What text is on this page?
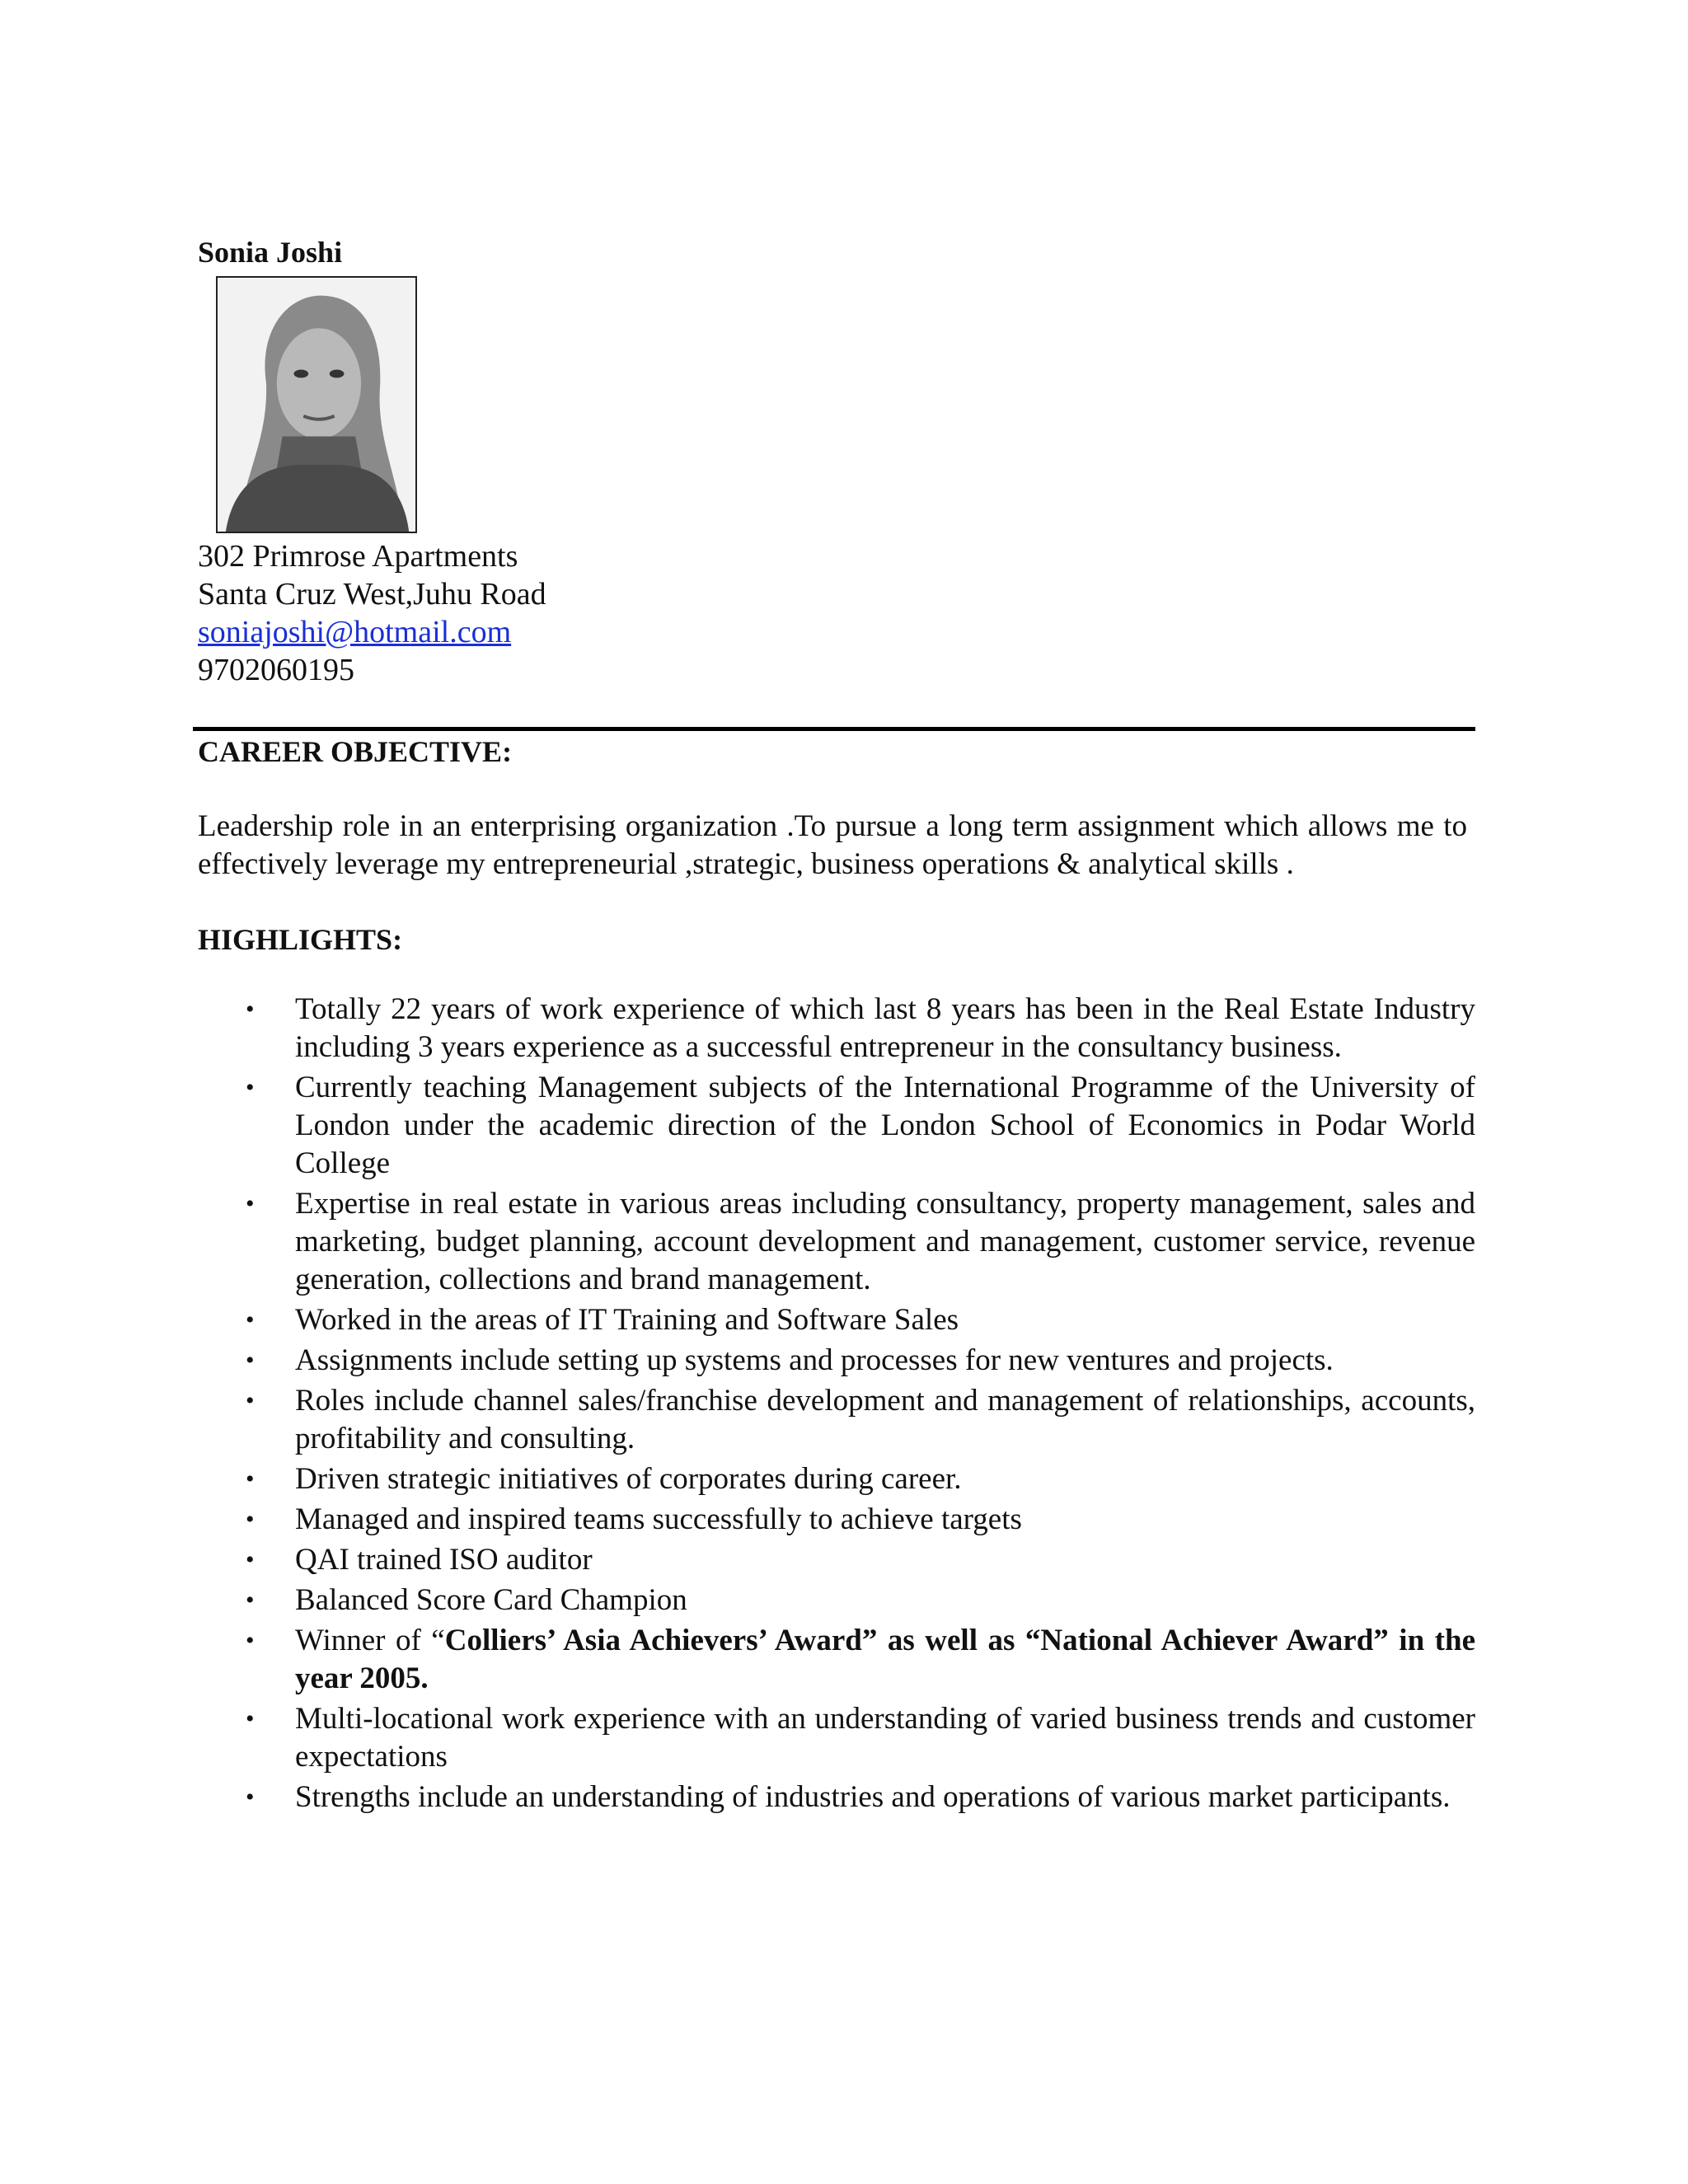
Sonia Joshi
302 Primrose Apartments
Santa Cruz West,Juhu Road
soniajoshi@hotmail.com
9702060195
CAREER OBJECTIVE:
Leadership role in an enterprising organization .To pursue a long term assignment which allows me to effectively leverage my entrepreneurial ,strategic, business operations & analytical skills .
HIGHLIGHTS:
• Totally 22 years of work experience of which last 8 years has been in the Real Estate Industry including 3 years experience as a successful entrepreneur in the consultancy business.
• Currently teaching Management subjects of the International Programme of the University of London under the academic direction of the London School of Economics in Podar World College
• Expertise in real estate in various areas including consultancy, property management, sales and marketing, budget planning, account development and management, customer service, revenue generation, collections and brand management.
• Worked in the areas of IT Training and Software Sales
• Assignments include setting up systems and processes for new ventures and projects.
• Roles include channel sales/franchise development and management of relationships, accounts, profitability and consulting.
• Driven strategic initiatives of corporates during career.
• Managed and inspired teams successfully to achieve targets
• QAI trained ISO auditor
• Balanced Score Card Champion
• Winner of “Colliers’ Asia Achievers’ Award” as well as “National Achiever Award” in the year 2005.
• Multi-locational work experience with an understanding of varied business trends and customer expectations
• Strengths include an understanding of industries and operations of various market participants.
